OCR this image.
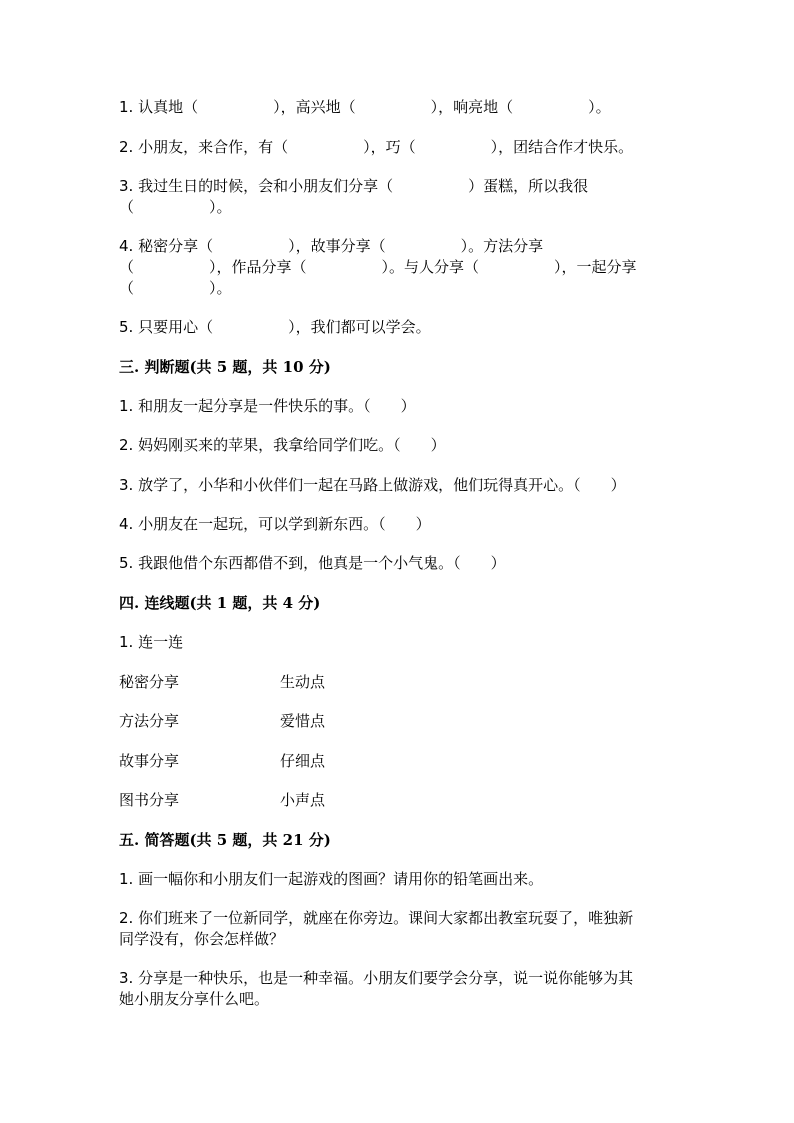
1. 认真地（　　　　　），高兴地（　　　　　），响亮地（　　　　　）。
2. 小朋友，来合作，有（　　　　　），巧（　　　　　），团结合作才快乐。
3. 我过生日的时候，会和小朋友们分享（　　　　　）蛋糕，所以我很
（　　　　　）。
4. 秘密分享（　　　　　），故事分享（　　　　　）。方法分享
（　　　　　），作品分享（　　　　　）。与人分享（　　　　　），一起分享
（　　　　　）。
5. 只要用心（　　　　　），我们都可以学会。
三. 判断题(共 5 题，共 10 分)
1. 和朋友一起分享是一件快乐的事。（　　）
2. 妈妈刚买来的苹果，我拿给同学们吃。（　　）
3. 放学了，小华和小伙伴们一起在马路上做游戏，他们玩得真开心。（　　）
4. 小朋友在一起玩，可以学到新东西。（　　）
5. 我跟他借个东西都借不到，他真是一个小气鬼。（　　）
四. 连线题(共 1 题，共 4 分)
1. 连一连
秘密分享	生动点
方法分享	爱惜点
故事分享	仔细点
图书分享	小声点
五. 简答题(共 5 题，共 21 分)
1. 画一幅你和小朋友们一起游戏的图画？请用你的铅笔画出来。
2. 你们班来了一位新同学，就座在你旁边。课间大家都出教室玩耍了，唯独新
同学没有，你会怎样做？
3. 分享是一种快乐，也是一种幸福。小朋友们要学会分享，说一说你能够为其
她小朋友分享什么吧。
